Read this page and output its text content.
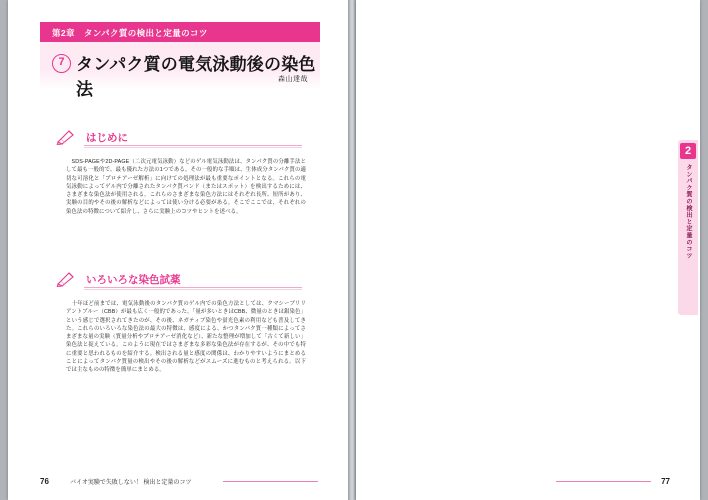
第2章　タンパク質の検出と定量のコツ
7 タンパク質の電気泳動後の染色法
森山達哉
はじめに
　SDS-PAGEや2D-PAGE（二次元電気泳動）などのゲル電気泳動法は、タンパク質の分離手法として最も一般的で、最も優れた方法の1つである。その一般的な手順は、生体成分タンパク質の適切な可溶化と「プロテアーゼ解析」に向けての処理法が最も重要なポイントとなる。これらの電気泳動によってゲル内で分離されたタンパク質バンド（またはスポット）を検出するためには、さまざまな染色法が使用される。これらのさまざまな染色方法にはそれぞれ長所、短所があり、実験の目的やその後の解析などによっては使い分ける必要がある。そこでここでは、それぞれの染色法の特徴について紹介し、さらに実験上のコツやヒントを述べる。
いろいろな染色試薬
　十年ほど前までは、電気泳動後のタンパク質のゲル内での染色方法としては、クマシーブリリアントブルー（CBB）が最も広く一般的であった。「量が多いときはCBB、微量のときは銀染色」という感じで選択されてきたのが、その後、ネガティブ染色や蛍光色素の利用なども普及してきた。これらのいろいろな染色法の最大の特徴は、感度による、かつタンパク質一種類によってさまざまな量の実験（質量分析やプロテアーゼ消化など）、新たな整理が増加して「古くて新しい」染色法と捉えている。このように現在ではさまざまな多彩な染色法が存在するが、その中でも特に重要と思われるものを紹介する。検出される量と感度の関係は、わかりやすいようにまとめることによってタンパク質量の検出やその後の解析などがスムーズに進むものと考えられる。以下では主なものの特徴を簡単にまとめる。
76	バイオ実験で失敗しない！ 検出と定量のコツ

2
タンパク質の検出と定量のコツ
77
